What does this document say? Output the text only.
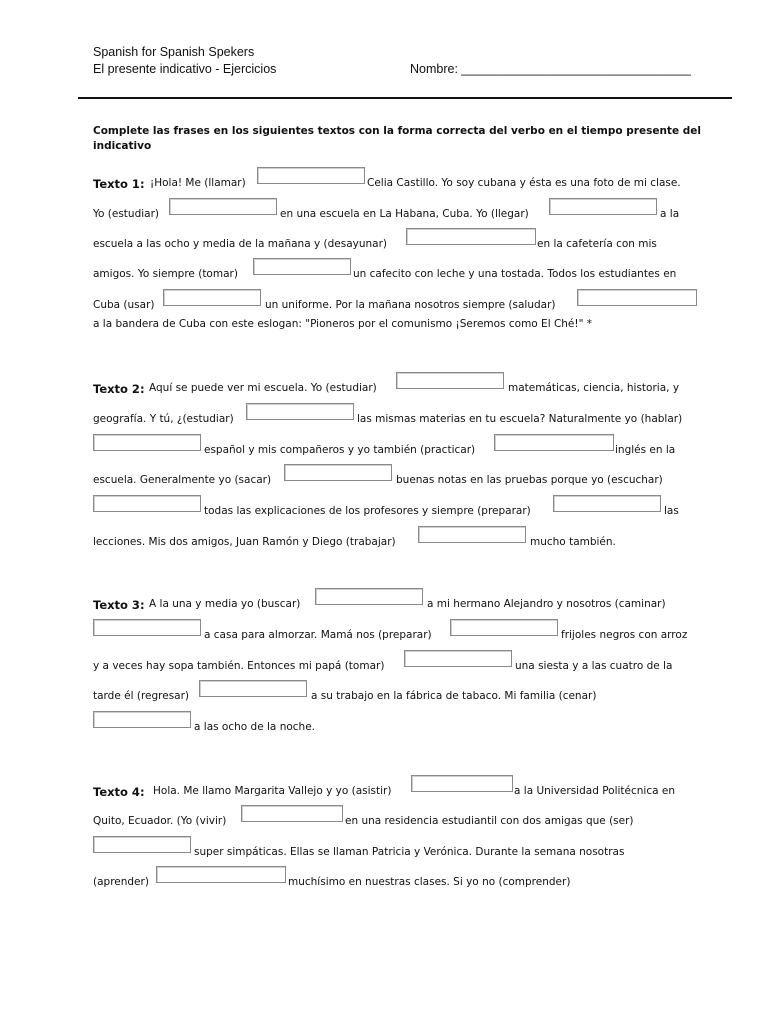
Spanish for Spanish Spekers
El presente indicativo - Ejercicios	Nombre: _________________________________
Complete las frases en los siguientes textos con la forma correcta del verbo en el tiempo presente del indicativo
Texto 1: ¡Hola! Me (llamar)	Celia Castillo. Yo soy cubana y ésta es una foto de mi clase.
Yo (estudiar)	en una escuela en La Habana, Cuba. Yo (llegar)	a la
escuela a las ocho y media de la mañana y (desayunar)	en la cafetería con mis
amigos. Yo siempre (tomar)	un cafecito con leche y una tostada. Todos los estudiantes en
Cuba (usar)	un uniforme. Por la mañana nosotros siempre (saludar)
a la bandera de Cuba con este eslogan: "Pioneros por el comunismo ¡Seremos como El Ché!" *
Texto 2: Aquí se puede ver mi escuela. Yo (estudiar)	matemáticas, ciencia, historia, y
geografía. Y tú, ¿(estudiar)	las mismas materias en tu escuela? Naturalmente yo (hablar)
español y mis compañeros y yo también (practicar)	inglés en la
escuela. Generalmente yo (sacar)	buenas notas en las pruebas porque yo (escuchar)
todas las explicaciones de los profesores y siempre (preparar)	las
lecciones. Mis dos amigos, Juan Ramón y Diego (trabajar)	mucho también.
Texto 3: A la una y media yo (buscar)	a mi hermano Alejandro y nosotros (caminar)
a casa para almorzar. Mamá nos (preparar)	frijoles negros con arroz
y a veces hay sopa también. Entonces mi papá (tomar)	una siesta y a las cuatro de la
tarde él (regresar)	a su trabajo en la fábrica de tabaco. Mi familia (cenar)
a las ocho de la noche.
Texto 4: Hola. Me llamo Margarita Vallejo y yo (asistir)	a la Universidad Politécnica en
Quito, Ecuador. (Yo (vivir)	en una residencia estudiantil con dos amigas que (ser)
super simpáticas. Ellas se llaman Patricia y Verónica. Durante la semana nosotras
(aprender)	muchísimo en nuestras clases. Si yo no (comprender)
